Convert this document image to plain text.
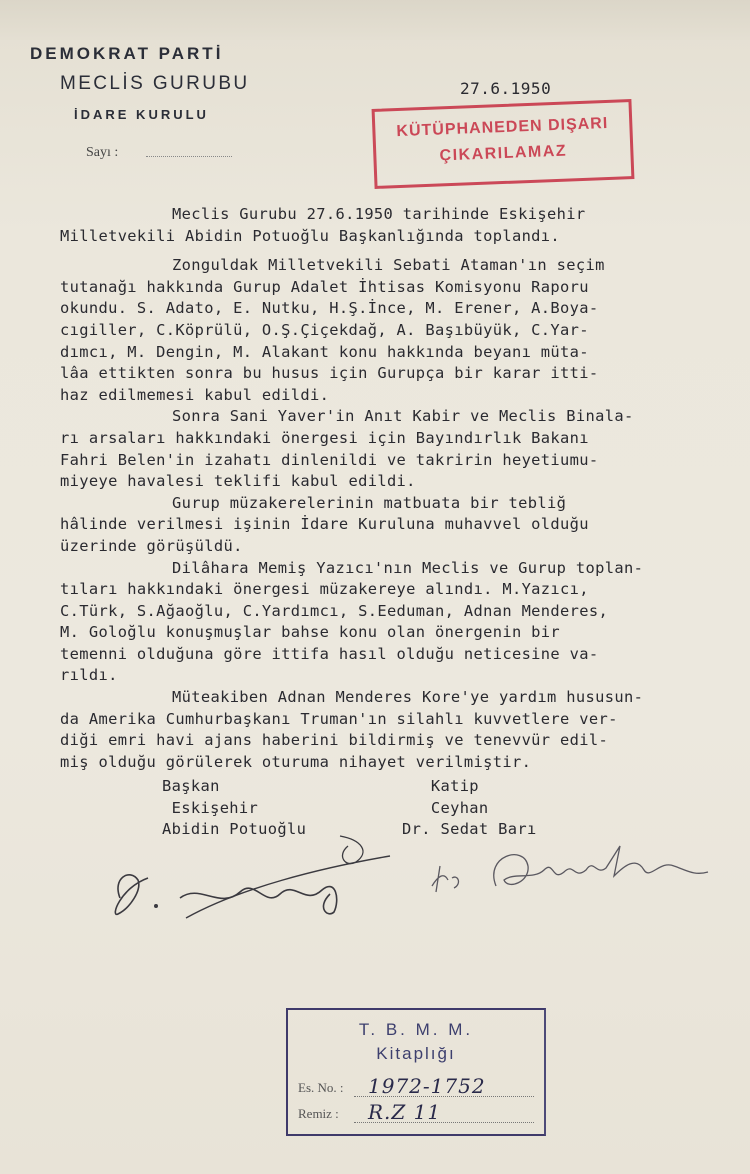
DEMOKRAT PARTİ
MECLİS GURUBU
İDARE KURULU
Sayı :
27.6.1950
KÜTÜPHANEDEN DIŞARI
ÇIKARILAMAZ
Meclis Gurubu 27.6.1950 tarihinde Eskişehir
Milletvekili Abidin Potuoğlu Başkanlığında toplandı.
Zonguldak Milletvekili Sebati Ataman'ın seçim
tutanağı hakkında Gurup Adalet İhtisas Komisyonu Raporu
okundu. S. Adato, E. Nutku, H.Ş.İnce, M. Erener, A.Boya-
cıgiller, C.Köprülü, O.Ş.Çiçekdağ, A. Başıbüyük, C.Yar-
dımcı, M. Dengin, M. Alakant konu hakkında beyanı müta-
lâa ettikten sonra bu husus için Gurupça bir karar itti-
haz edilmemesi kabul edildi.
Sonra Sani Yaver'in Anıt Kabir ve Meclis Binala-
rı arsaları hakkındaki önergesi için Bayındırlık Bakanı
Fahri Belen'in izahatı dinlenildi ve takririn heyetiumu-
miyeye havalesi teklifi kabul edildi.
Gurup müzakerelerinin matbuata bir tebliğ
hâlinde verilmesi işinin İdare Kuruluna muhavvel olduğu
üzerinde görüşüldü.
Dilâhara Memiş Yazıcı'nın Meclis ve Gurup toplan-
tıları hakkındaki önergesi müzakereye alındı. M.Yazıcı,
C.Türk, S.Ağaoğlu, C.Yardımcı, S.Eeduman, Adnan Menderes,
M. Goloğlu konuşmuşlar bahse konu olan önergenin bir
temenni olduğuna göre ittifa hasıl olduğu neticesine va-
rıldı.
Müteakiben Adnan Menderes Kore'ye yardım hususun-
da Amerika Cumhurbaşkanı Truman'ın silahlı kuvvetlere ver-
diği emri havi ajans haberini bildirmiş ve tenevvür edil-
miş olduğu görülerek oturuma nihayet verilmiştir.
Başkan
Eskişehir
Abidin Potuoğlu
Katip
Ceyhan
Dr. Sedat Barı
T. B. M. M.
Kitaplığı
Es. No. : 1972-1752
Remiz : R.Z 11
